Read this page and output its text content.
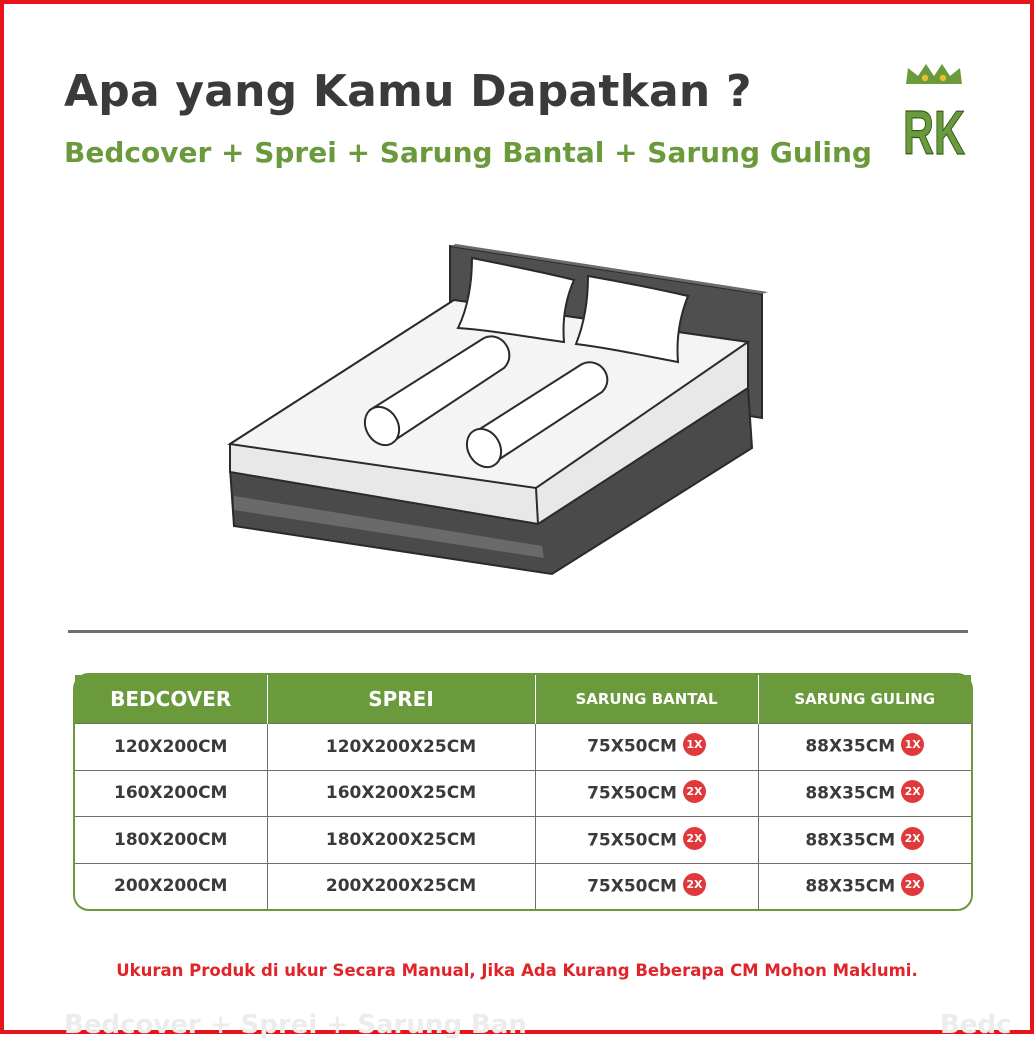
Apa yang Kamu Dapatkan ?
Bedcover + Sprei + Sarung Bantal + Sarung Guling RK
BEDCOVER	SPREI	SARUNG BANTAL	SARUNG GULING
120X200CM	120X200X25CM	75X50CM 1X	88X35CM 1X
160X200CM	160X200X25CM	75X50CM 2X	88X35CM 2X
180X200CM	180X200X25CM	75X50CM 2X	88X35CM 2X
200X200CM	200X200X25CM	75X50CM 2X	88X35CM 2X

Ukuran Produk di ukur Secara Manual, Jika Ada Kurang Beberapa CM Mohon Maklumi.

Bedcover + Sprei + Sarung Ban	Bedc
